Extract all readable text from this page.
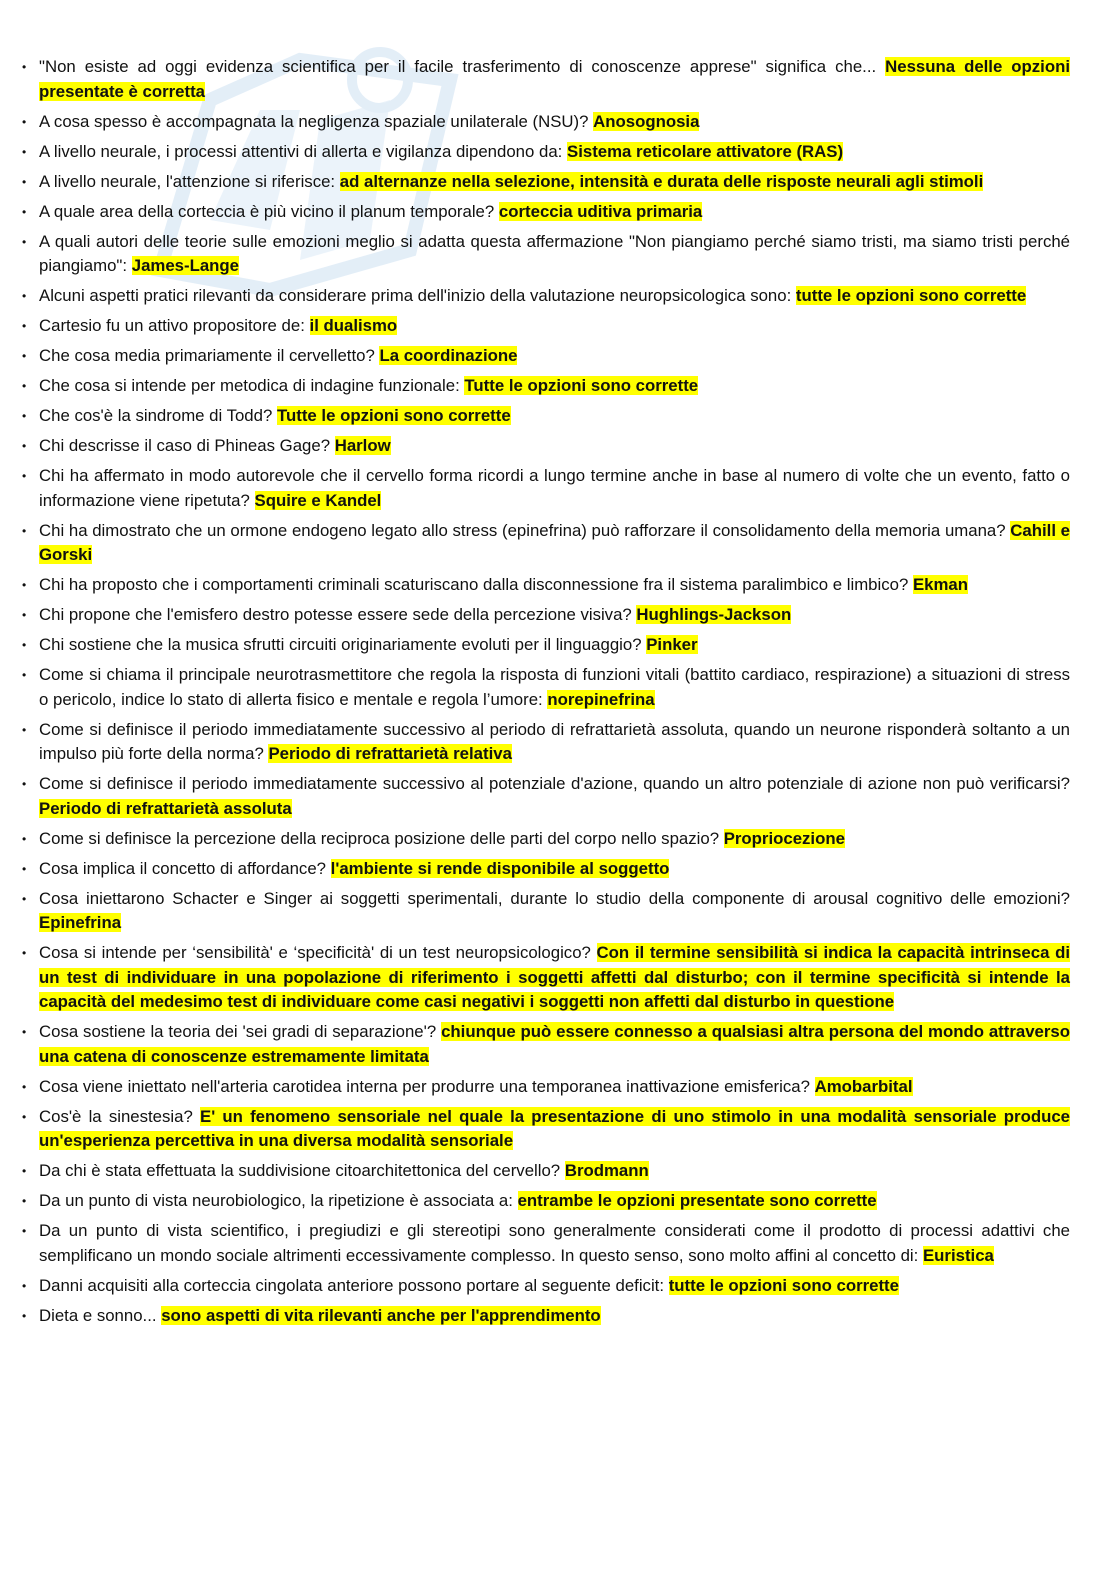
• "Non esiste ad oggi evidenza scientifica per il facile trasferimento di conoscenze apprese" significa che... Nessuna delle opzioni presentate è corretta
• A cosa spesso è accompagnata la negligenza spaziale unilaterale (NSU)? Anosognosia
• A livello neurale, i processi attentivi di allerta e vigilanza dipendono da: Sistema reticolare attivatore (RAS)
• A livello neurale, l'attenzione si riferisce: ad alternanze nella selezione, intensità e durata delle risposte neurali agli stimoli
• A quale area della corteccia è più vicino il planum temporale? corteccia uditiva primaria
• A quali autori delle teorie sulle emozioni meglio si adatta questa affermazione "Non piangiamo perché siamo tristi, ma siamo tristi perché piangiamo": James-Lange
• Alcuni aspetti pratici rilevanti da considerare prima dell'inizio della valutazione neuropsicologica sono: tutte le opzioni sono corrette
• Cartesio fu un attivo propositore de: il dualismo
• Che cosa media primariamente il cervelletto? La coordinazione
• Che cosa si intende per metodica di indagine funzionale: Tutte le opzioni sono corrette
• Che cos'è la sindrome di Todd? Tutte le opzioni sono corrette
• Chi descrisse il caso di Phineas Gage? Harlow
• Chi ha affermato in modo autorevole che il cervello forma ricordi a lungo termine anche in base al numero di volte che un evento, fatto o informazione viene ripetuta? Squire e Kandel
• Chi ha dimostrato che un ormone endogeno legato allo stress (epinefrina) può rafforzare il consolidamento della memoria umana? Cahill e Gorski
• Chi ha proposto che i comportamenti criminali scaturiscano dalla disconnessione fra il sistema paralimbico e limbico? Ekman
• Chi propone che l'emisfero destro potesse essere sede della percezione visiva? Hughlings-Jackson
• Chi sostiene che la musica sfrutti circuiti originariamente evoluti per il linguaggio? Pinker
• Come si chiama il principale neurotrasmettitore che regola la risposta di funzioni vitali (battito cardiaco, respirazione) a situazioni di stress o pericolo, indice lo stato di allerta fisico e mentale e regola l’umore: norepinefrina
• Come si definisce il periodo immediatamente successivo al periodo di refrattarietà assoluta, quando un neurone risponderà soltanto a un impulso più forte della norma? Periodo di refrattarietà relativa
• Come si definisce il periodo immediatamente successivo al potenziale d'azione, quando un altro potenziale di azione non può verificarsi? Periodo di refrattarietà assoluta
• Come si definisce la percezione della reciproca posizione delle parti del corpo nello spazio? Propriocezione
• Cosa implica il concetto di affordance? l'ambiente si rende disponibile al soggetto
• Cosa iniettarono Schacter e Singer ai soggetti sperimentali, durante lo studio della componente di arousal cognitivo delle emozioni? Epinefrina
• Cosa si intende per ‘sensibilità' e ‘specificità' di un test neuropsicologico? Con il termine sensibilità si indica la capacità intrinseca di un test di individuare in una popolazione di riferimento i soggetti affetti dal disturbo; con il termine specificità si intende la capacità del medesimo test di individuare come casi negativi i soggetti non affetti dal disturbo in questione
• Cosa sostiene la teoria dei 'sei gradi di separazione'? chiunque può essere connesso a qualsiasi altra persona del mondo attraverso una catena di conoscenze estremamente limitata
• Cosa viene iniettato nell'arteria carotidea interna per produrre una temporanea inattivazione emisferica? Amobarbital
• Cos'è la sinestesia? E' un fenomeno sensoriale nel quale la presentazione di uno stimolo in una modalità sensoriale produce un'esperienza percettiva in una diversa modalità sensoriale
• Da chi è stata effettuata la suddivisione citoarchitettonica del cervello? Brodmann
• Da un punto di vista neurobiologico, la ripetizione è associata a: entrambe le opzioni presentate sono corrette
• Da un punto di vista scientifico, i pregiudizi e gli stereotipi sono generalmente considerati come il prodotto di processi adattivi che semplificano un mondo sociale altrimenti eccessivamente complesso. In questo senso, sono molto affini al concetto di: Euristica
• Danni acquisiti alla corteccia cingolata anteriore possono portare al seguente deficit: tutte le opzioni sono corrette
• Dieta e sonno... sono aspetti di vita rilevanti anche per l'apprendimento
